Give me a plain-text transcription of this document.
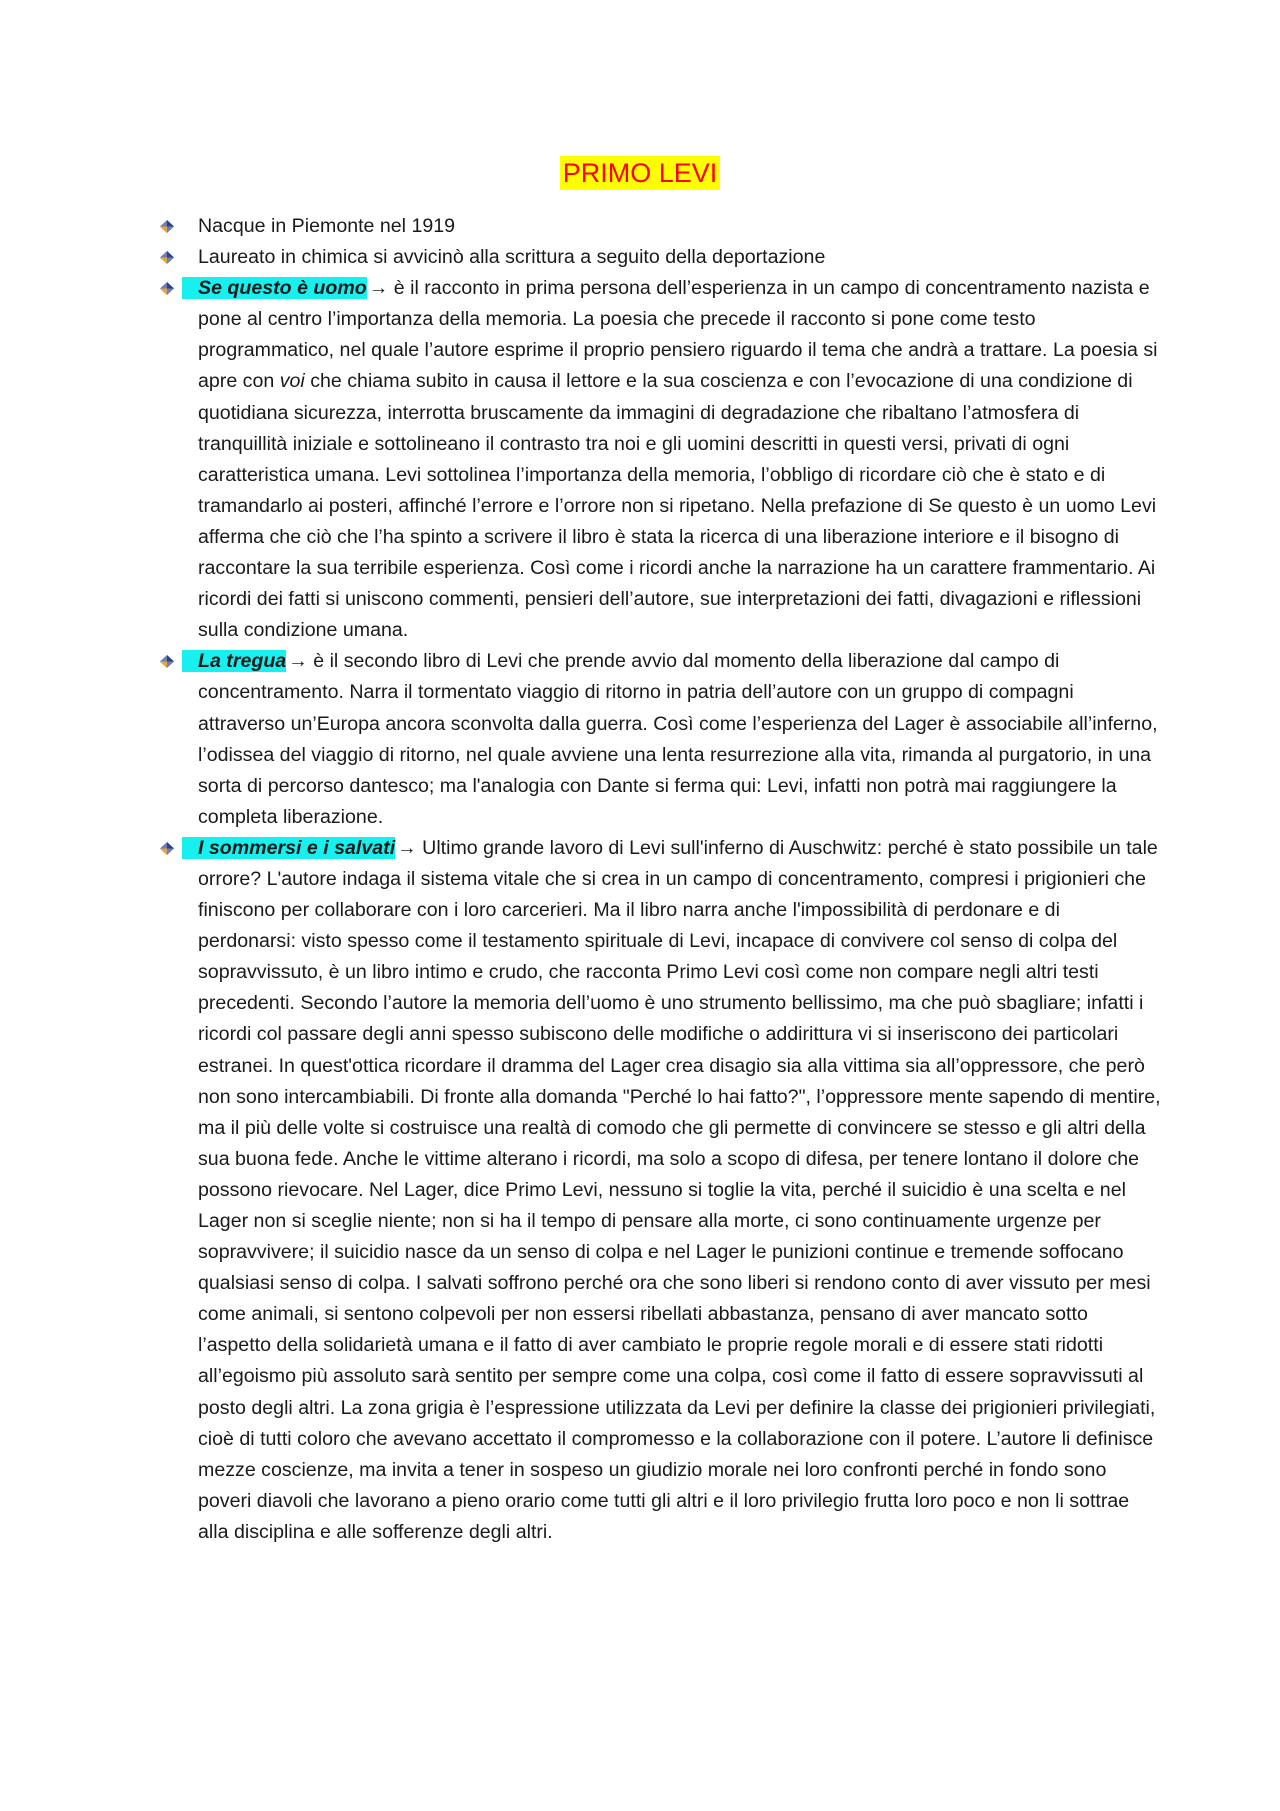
PRIMO LEVI
Nacque in Piemonte nel 1919
Laureato in chimica si avvicinò alla scrittura a seguito della deportazione
Se questo è uomo → è il racconto in prima persona dell’esperienza in un campo di concentramento nazista e pone al centro l’importanza della memoria. La poesia che precede il racconto si pone come testo programmatico, nel quale l’autore esprime il proprio pensiero riguardo il tema che andrà a trattare. La poesia si apre con voi che chiama subito in causa il lettore e la sua coscienza e con l’evocazione di una condizione di quotidiana sicurezza, interrotta bruscamente da immagini di degradazione che ribaltano l’atmosfera di tranquillità iniziale e sottolineano il contrasto tra noi e gli uomini descritti in questi versi, privati di ogni caratteristica umana. Levi sottolinea l’importanza della memoria, l’obbligo di ricordare ciò che è stato e di tramandarlo ai posteri, affinché l’errore e l’orrore non si ripetano. Nella prefazione di Se questo è un uomo Levi afferma che ciò che l’ha spinto a scrivere il libro è stata la ricerca di una liberazione interiore e il bisogno di raccontare la sua terribile esperienza. Così come i ricordi anche la narrazione ha un carattere frammentario. Ai ricordi dei fatti si uniscono commenti, pensieri dell’autore, sue interpretazioni dei fatti, divagazioni e riflessioni sulla condizione umana.
La tregua → è il secondo libro di Levi che prende avvio dal momento della liberazione dal campo di concentramento. Narra il tormentato viaggio di ritorno in patria dell’autore con un gruppo di compagni attraverso un’Europa ancora sconvolta dalla guerra. Così come l’esperienza del Lager è associabile all’inferno, l’odissea del viaggio di ritorno, nel quale avviene una lenta resurrezione alla vita, rimanda al purgatorio, in una sorta di percorso dantesco; ma l'analogia con Dante si ferma qui: Levi, infatti non potrà mai raggiungere la completa liberazione.
I sommersi e i salvati → Ultimo grande lavoro di Levi sull'inferno di Auschwitz: perché è stato possibile un tale orrore? L'autore indaga il sistema vitale che si crea in un campo di concentramento, compresi i prigionieri che finiscono per collaborare con i loro carcerieri. Ma il libro narra anche l'impossibilità di perdonare e di perdonarsi: visto spesso come il testamento spirituale di Levi, incapace di convivere col senso di colpa del sopravvissuto, è un libro intimo e crudo, che racconta Primo Levi così come non compare negli altri testi precedenti. Secondo l’autore la memoria dell’uomo è uno strumento bellissimo, ma che può sbagliare; infatti i ricordi col passare degli anni spesso subiscono delle modifiche o addirittura vi si inseriscono dei particolari estranei. In quest'ottica ricordare il dramma del Lager crea disagio sia alla vittima sia all’oppressore, che però non sono intercambiabili. Di fronte alla domanda "Perché lo hai fatto?", l’oppressore mente sapendo di mentire, ma il più delle volte si costruisce una realtà di comodo che gli permette di convincere se stesso e gli altri della sua buona fede. Anche le vittime alterano i ricordi, ma solo a scopo di difesa, per tenere lontano il dolore che possono rievocare. Nel Lager, dice Primo Levi, nessuno si toglie la vita, perché il suicidio è una scelta e nel Lager non si sceglie niente; non si ha il tempo di pensare alla morte, ci sono continuamente urgenze per sopravvivere; il suicidio nasce da un senso di colpa e nel Lager le punizioni continue e tremende soffocano qualsiasi senso di colpa. I salvati soffrono perché ora che sono liberi si rendono conto di aver vissuto per mesi come animali, si sentono colpevoli per non essersi ribellati abbastanza, pensano di aver mancato sotto l’aspetto della solidarietà umana e il fatto di aver cambiato le proprie regole morali e di essere stati ridotti all’egoismo più assoluto sarà sentito per sempre come una colpa, così come il fatto di essere sopravvissuti al posto degli altri. La zona grigia è l’espressione utilizzata da Levi per definire la classe dei prigionieri privilegiati, cioè di tutti coloro che avevano accettato il compromesso e la collaborazione con il potere. L’autore li definisce mezze coscienze, ma invita a tener in sospeso un giudizio morale nei loro confronti perché in fondo sono poveri diavoli che lavorano a pieno orario come tutti gli altri e il loro privilegio frutta loro poco e non li sottrae alla disciplina e alle sofferenze degli altri.
